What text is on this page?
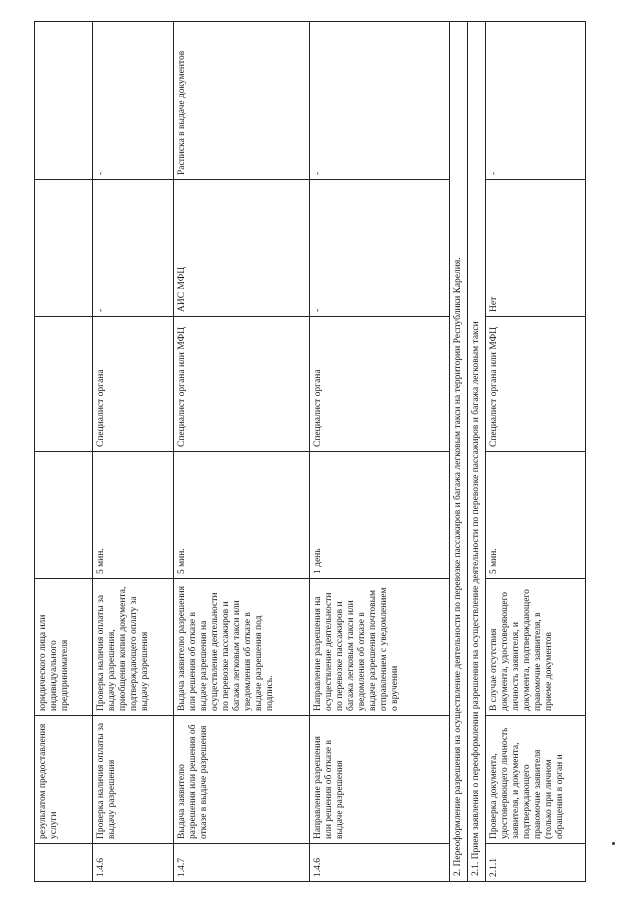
	результатом предоставления услуги	юридического лица или индивидуального предпринимателя				
1.4.6	Проверка наличия оплаты за выдачу разрешения	Проверка наличия оплаты за выдачу разрешения, приобщения копии документа, подтверждающего оплату за выдачу разрешения	5 мин.	Специалист органа	-	-
1.4.7	Выдача заявителю разрешения или решения об отказе в выдаче разрешения	Выдача заявителю разрешения или решения об отказе в выдаче разрешения на осуществление деятельности по перевозке пассажиров и багажа легковым такси или уведомления об отказе в выдаче разрешения под подпись.	5 мин.	Специалист органа или МФЦ	АИС МФЦ	Расписка в выдаче документов
1.4.6	Направление разрешения или решения об отказе в выдаче разрешения	Направление разрешения на осуществление деятельности по перевозке пассажиров и багажа легковым такси или уведомления об отказе в выдаче разрешения почтовым отправлением с уведомлением о вручении	1 день	Специалист органа	-	-
2. Переоформление разрешения на осуществление деятельности по перевозке пассажиров и багажа легковым такси на территории Республики Карелия.						
2.1. Прием заявления о переоформлении разрешения на осуществление деятельности по перевозке пассажиров и багажа легковым такси						
2.1.1	Проверка документа, удостоверяющего личность заявителя, и документа, подтверждающего правомочие заявителя (только при личном обращении в орган и	В случае отсутствия документа, удостоверяющего личность заявителя, и документа, подтверждающего правомочие заявителя, в приеме документов	5 мин.	Специалист органа или МФЦ	Нет	-
